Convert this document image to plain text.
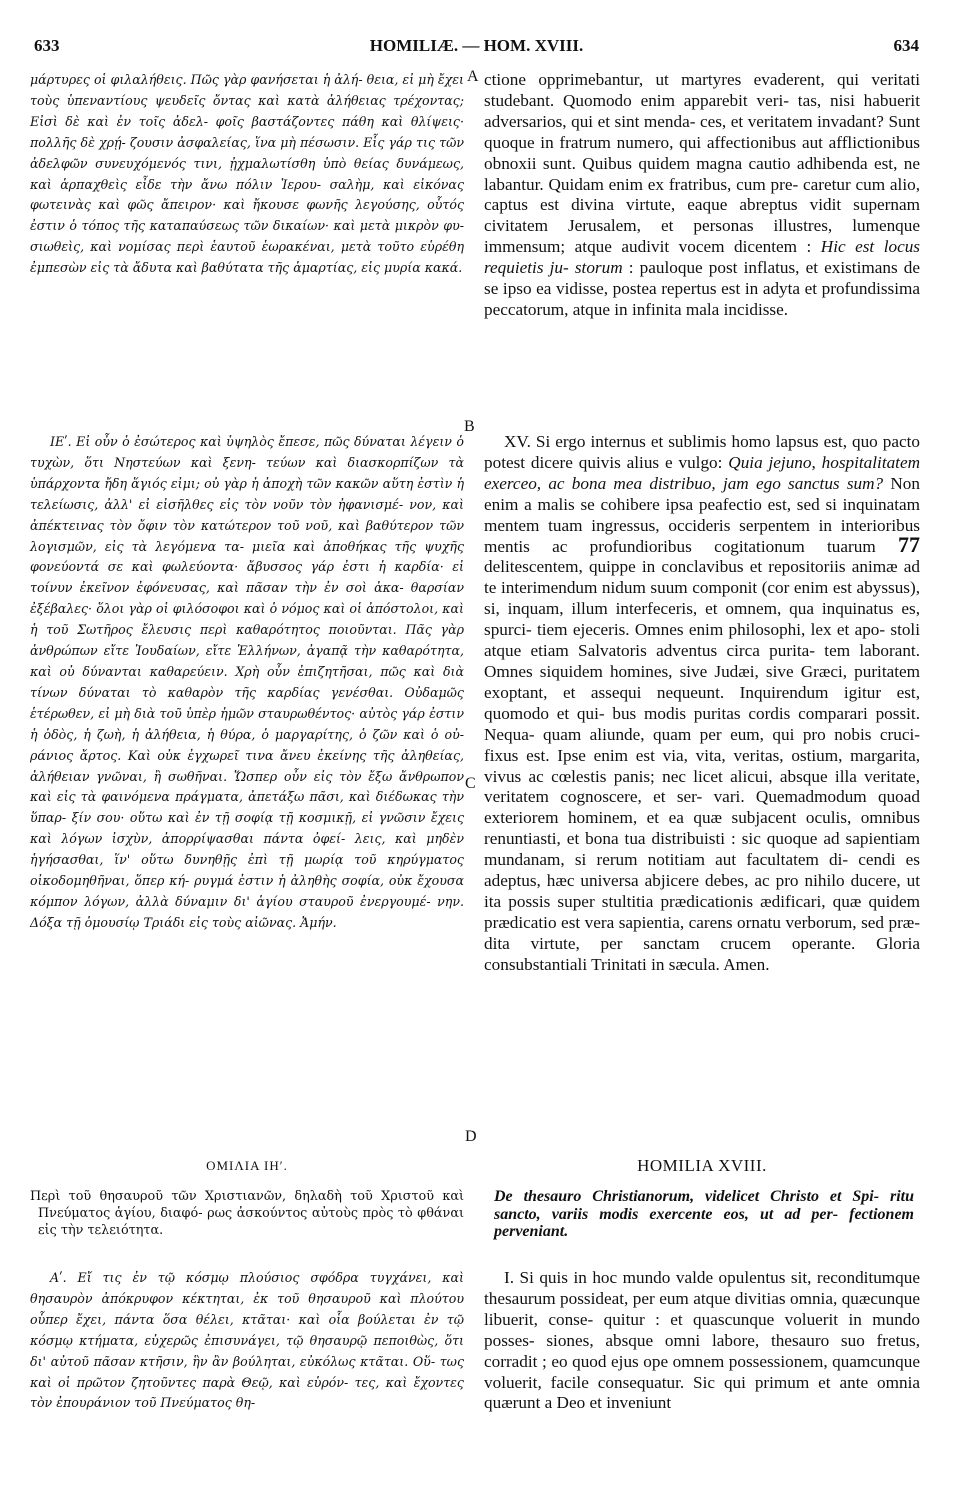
633	HOMILIÆ. — HOM. XVIII.	634
A
B
C
D

μάρτυρες οἱ φιλαλήθεις. Πῶς γὰρ φανήσεται ἡ ἀλή- θεια, εἰ μὴ ἔχει τοὺς ὑπεναντίους ψευδεῖς ὄντας καὶ κατὰ ἀλήθειας τρέχοντας; Εἰσὶ δὲ καὶ ἐν τοῖς ἀδελ- φοῖς βαστάζοντες πάθη καὶ θλίψεις· πολλῆς δὲ χρῄ- ζουσιν ἀσφαλείας, ἵνα μὴ πέσωσιν. Εἷς γάρ τις τῶν ἀδελφῶν συνευχόμενός τινι, ᾐχμαλωτίσθη ὑπὸ θείας δυνάμεως, καὶ ἁρπαχθεὶς εἶδε τὴν ἄνω πόλιν Ἱερου- σαλὴμ, καὶ εἰκόνας φωτεινὰς καὶ φῶς ἄπειρον· καὶ ἤκουσε φωνῆς λεγούσης, οὗτός ἐστιν ὁ τόπος τῆς καταπαύσεως τῶν δικαίων· καὶ μετὰ μικρὸν φυ- σιωθεὶς, καὶ νομίσας περὶ ἑαυτοῦ ἑωρακέναι, μετὰ τοῦτο εὑρέθη ἐμπεσὼν εἰς τὰ ἄδυτα καὶ βαθύτατα τῆς ἁμαρτίας, εἰς μυρία κακά.

ΙΕʹ. Εἰ οὖν ὁ ἐσώτερος καὶ ὑψηλὸς ἔπεσε, πῶς δύναται λέγειν ὁ τυχὼν, ὅτι Νηστεύων καὶ ξενη- τεύων καὶ διασκορπίζων τὰ ὑπάρχοντα ἤδη ἅγιός εἰμι; οὐ γὰρ ἡ ἀποχὴ τῶν κακῶν αὕτη ἐστὶν ἡ τελείωσις, ἀλλ' εἰ εἰσῆλθες εἰς τὸν νοῦν τὸν ἠφανισμέ- νον, καὶ ἀπέκτεινας τὸν ὄφιν τὸν κατώτερον τοῦ νοῦ, καὶ βαθύτερον τῶν λογισμῶν, εἰς τὰ λεγόμενα τα- μιεῖα καὶ ἀποθήκας τῆς ψυχῆς φονεύοντά σε καὶ φωλεύοντα· ἄβυσσος γάρ ἐστι ἡ καρδία· εἰ τοίνυν ἐκεῖνον ἐφόνευσας, καὶ πᾶσαν τὴν ἐν σοὶ ἀκα- θαρσίαν ἐξέβαλες· ὅλοι γὰρ οἱ φιλόσοφοι καὶ ὁ νόμος καὶ οἱ ἀπόστολοι, καὶ ἡ τοῦ Σωτῆρος ἔλευσις περὶ καθαρότητος ποιοῦνται. Πᾶς γὰρ ἀνθρώπων εἴτε Ἰουδαίων, εἴτε Ἑλλήνων, ἀγαπᾷ τὴν καθαρότητα, καὶ οὐ δύνανται καθαρεύειν. Χρὴ οὖν ἐπιζητῆσαι, πῶς καὶ διὰ τίνων δύναται τὸ καθαρὸν τῆς καρδίας γενέσθαι. Οὐδαμῶς ἑτέρωθεν, εἰ μὴ διὰ τοῦ ὑπὲρ ἡμῶν σταυρωθέντος· αὐτὸς γάρ ἐστιν ἡ ὁδὸς, ἡ ζωὴ, ἡ ἀλήθεια, ἡ θύρα, ὁ μαργαρίτης, ὁ ζῶν καὶ ὁ οὐ- ράνιος ἄρτος. Καὶ οὐκ ἐγχωρεῖ τινα ἄνευ ἐκείνης τῆς ἀληθείας, ἀλήθειαν γνῶναι, ἢ σωθῆναι. Ὥσπερ οὖν εἰς τὸν ἔξω ἄνθρωπον καὶ εἰς τὰ φαινόμενα πράγματα, ἀπετάξω πᾶσι, καὶ διέδωκας τὴν ὕπαρ- ξίν σου· οὕτω καὶ ἐν τῇ σοφίᾳ τῇ κοσμικῇ, εἰ γνῶσιν ἔχεις καὶ λόγων ἰσχὺν, ἀπορρίψασθαι πάντα ὀφεί- λεις, καὶ μηδὲν ἡγήσασθαι, ἵν' οὕτω δυνηθῇς ἐπὶ τῇ μωρίᾳ τοῦ κηρύγματος οἰκοδομηθῆναι, ὅπερ κή- ρυγμά ἐστιν ἡ ἀληθὴς σοφία, οὐκ ἔχουσα κόμπον λόγων, ἀλλὰ δύναμιν δι' ἁγίου σταυροῦ ἐνεργουμέ- νην. Δόξα τῇ ὁμουσίῳ Τριάδι εἰς τοὺς αἰῶνας. Ἀμήν.

ΟΜΙΛΙΑ ΙΗʹ.

Περὶ τοῦ θησαυροῦ τῶν Χριστιανῶν, δηλαδὴ τοῦ Χριστοῦ καὶ Πνεύματος ἁγίου, διαφό- ρως ἀσκούντος αὐτοὺς πρὸς τὸ φθάναι εἰς τὴν τελειότητα.

Αʹ. Εἴ τις ἐν τῷ κόσμῳ πλούσιος σφόδρα τυγχάνει, καὶ θησαυρὸν ἀπόκρυφον κέκτηται, ἐκ τοῦ θησαυροῦ καὶ πλούτου οὗπερ ἔχει, πάντα ὅσα θέλει, κτᾶται· καὶ οἷα βούλεται ἐν τῷ κόσμῳ κτήματα, εὐχερῶς ἐπισυνάγει, τῷ θησαυρῷ πεποιθὼς, ὅτι δι' αὐτοῦ πᾶσαν κτῆσιν, ἣν ἂν βούληται, εὐκόλως κτᾶται. Οὕ- τως καὶ οἱ πρῶτον ζητοῦντες παρὰ Θεῷ, καὶ εὑρόν- τες, καὶ ἔχοντες τὸν ἐπουράνιον τοῦ Πνεύματος θη-

ctione opprimebantur, ut martyres evaderent, qui veritati studebant. Quomodo enim apparebit veri- tas, nisi habuerit adversarios, qui et sint menda- ces, et veritatem invadant? Sunt quoque in fratrum numero, qui affectionibus aut afflictionibus obnoxii sunt. Quibus quidem magna cautio adhibenda est, ne labantur. Quidam enim ex fratribus, cum pre- caretur cum alio, captus est divina virtute, eaque abreptus vidit supernam civitatem Jerusalem, et personas illustres, lumenque immensum; atque audivit vocem dicentem : Hic est locus requietis ju- storum : pauloque post inflatus, et existimans de se ipso ea vidisse, postea repertus est in adyta et profundissima peccatorum, atque in infinita mala incidisse.

XV. Si ergo internus et sublimis homo lapsus est, quo pacto potest dicere quivis alius e vulgo: Quia jejuno, hospitalitatem exerceo, ac bona mea distribuo, jam ego sanctus sum? Non enim a malis se cohibere ipsa peafectio est, sed si inquinatam mentem tuam ingressus, occideris serpentem in interioribus mentis ac profundioribus cogitationum tuarum 77 delitescentem, quippe in conclavibus et repositoriis animæ ad te interimendum nidum suum componit (cor enim est abyssus), si, inquam, illum interfeceris, et omnem, qua inquinatus es, spurci- tiem ejeceris. Omnes enim philosophi, lex et apo- stoli atque etiam Salvatoris adventus circa purita- tem laborant. Omnes siquidem homines, sive Judæi, sive Græci, puritatem exoptant, et assequi nequeunt. Inquirendum igitur est, quomodo et qui- bus modis puritas cordis comparari possit. Nequa- quam aliunde, quam per eum, qui pro nobis cruci- fixus est. Ipse enim est via, vita, veritas, ostium, margarita, vivus ac cœlestis panis; nec licet alicui, absque illa veritate, veritatem cognoscere, et ser- vari. Quemadmodum quoad exteriorem hominem, et ea quæ subjacent oculis, omnibus renuntiasti, et bona tua distribuisti : sic quoque ad sapientiam mundanam, si rerum notitiam aut facultatem di- cendi es adeptus, hæc universa abjicere debes, ac pro nihilo ducere, ut ita possis super stultitia prædicationis ædificari, quæ quidem prædicatio est vera sapientia, carens ornatu verborum, sed præ- dita virtute, per sanctam crucem operante. Gloria consubstantiali Trinitati in sæcula. Amen.

HOMILIA XVIII.

De thesauro Christianorum, videlicet Christo et Spi- ritu sancto, variis modis exercente eos, ut ad per- fectionem perveniant.

I. Si quis in hoc mundo valde opulentus sit, reconditumque thesaurum possideat, per eum atque divitias omnia, quæcunque libuerit, conse- quitur : et quascunque voluerit in mundo posses- siones, absque omni labore, thesauro suo fretus, corradit ; eo quod ejus ope omnem possessionem, quamcunque voluerit, facile consequatur. Sic qui primum et ante omnia quærunt a Deo et inveniunt
